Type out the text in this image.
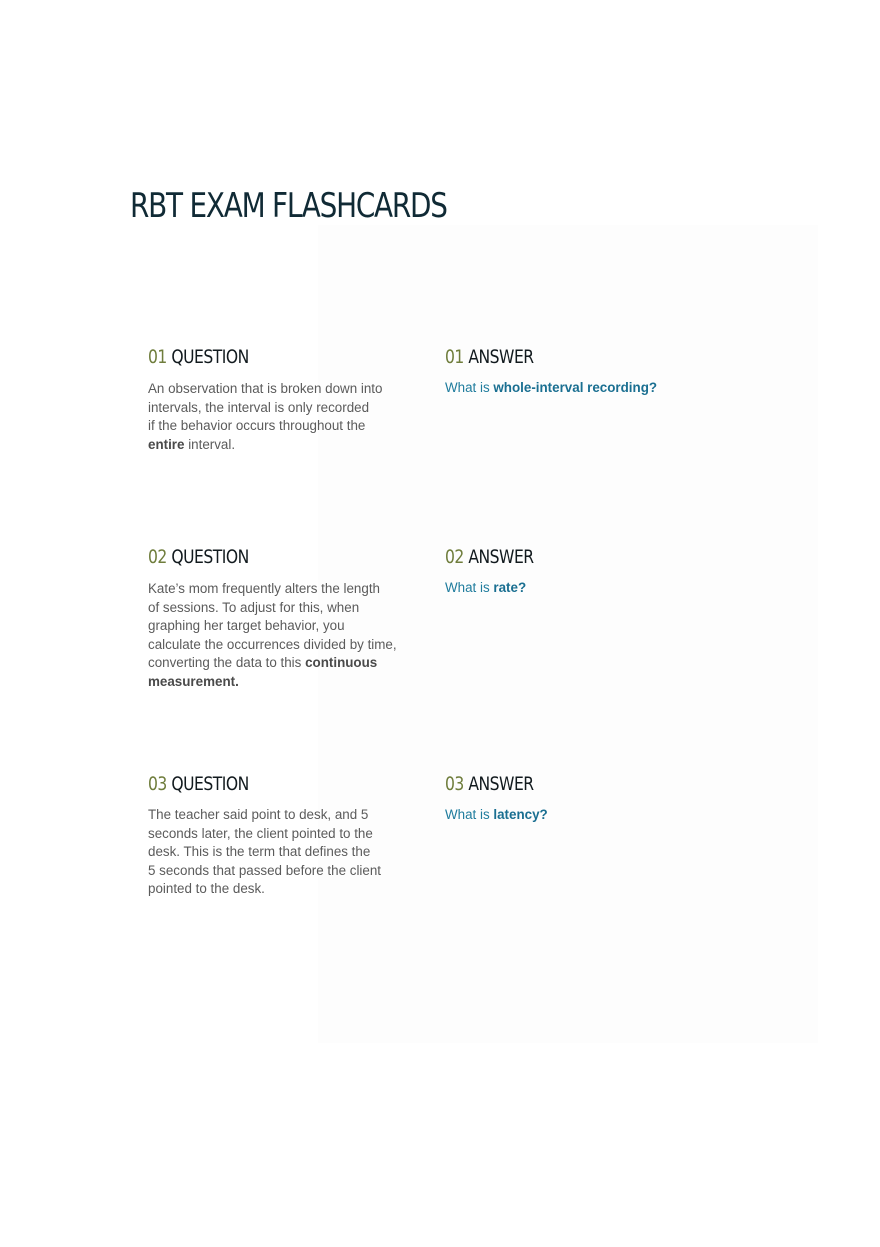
RBT EXAM FLASHCARDS
01 QUESTION

An observation that is broken down into
intervals, the interval is only recorded
if the behavior occurs throughout the
entire interval.

01 ANSWER

What is whole-interval recording?

02 QUESTION

Kate’s mom frequently alters the length
of sessions. To adjust for this, when
graphing her target behavior, you
calculate the occurrences divided by time,
converting the data to this continuous measurement.

02 ANSWER

What is rate?

03 QUESTION

The teacher said point to desk, and 5
seconds later, the client pointed to the
desk. This is the term that defines the
5 seconds that passed before the client
pointed to the desk.

03 ANSWER

What is latency?
